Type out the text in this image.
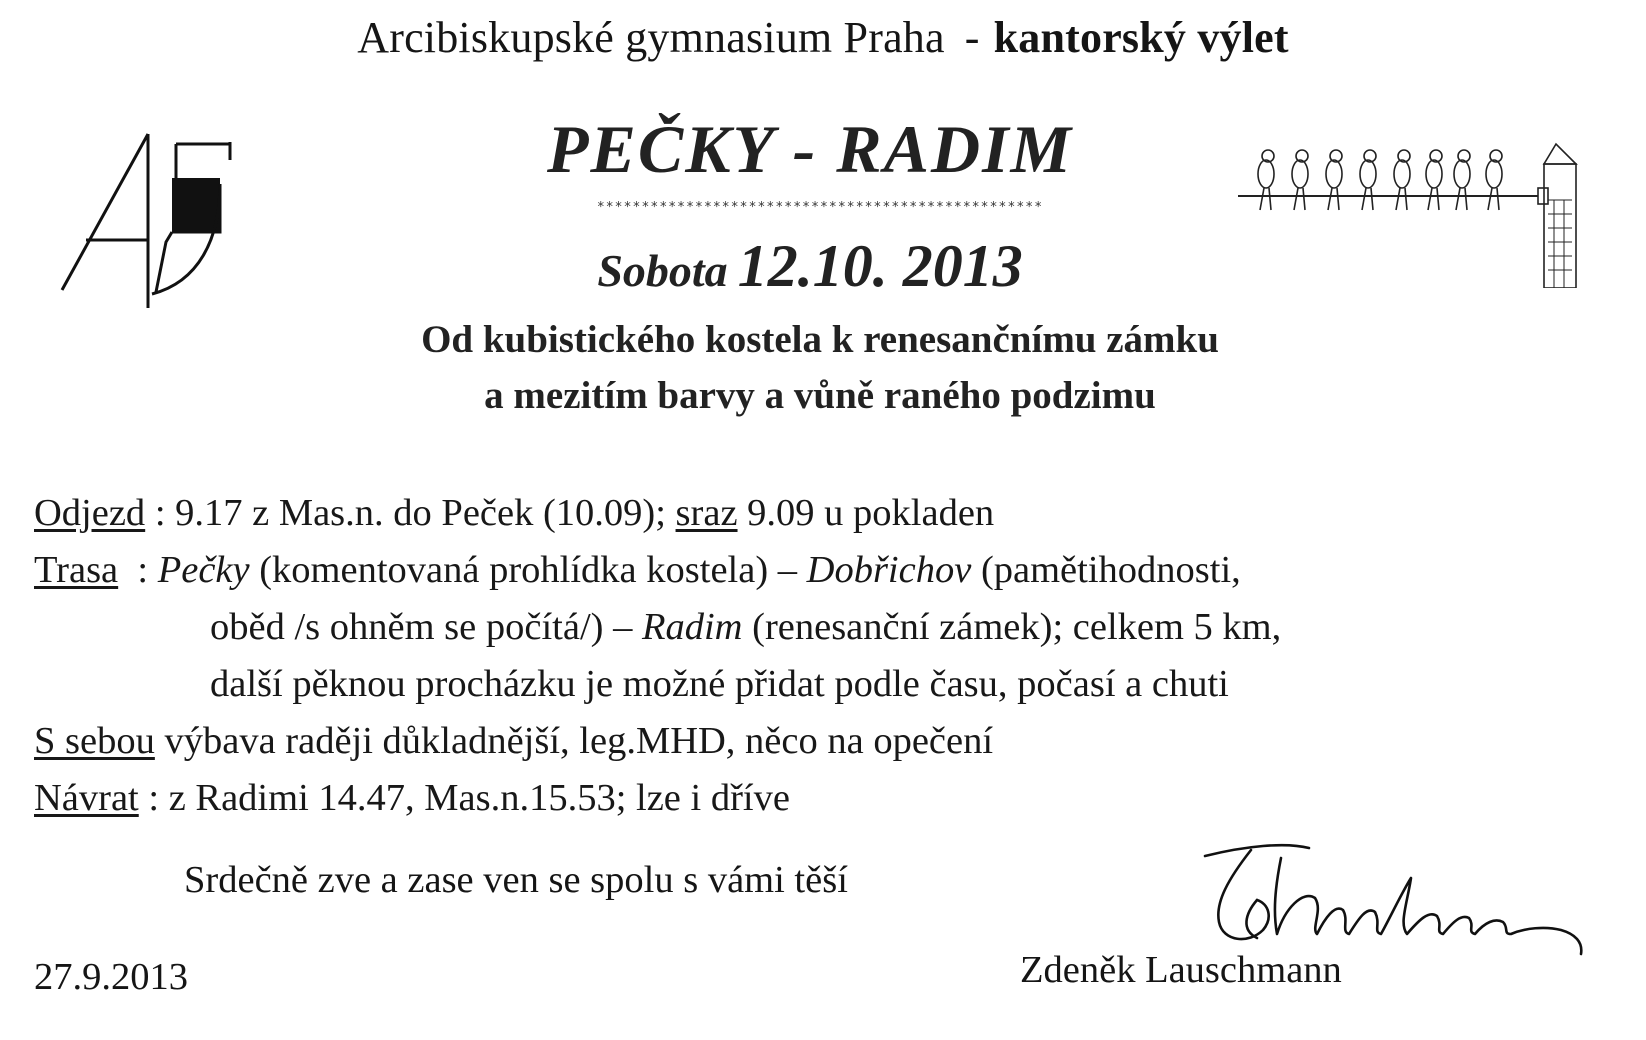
Arcibiskupské gymnasium Praha - kantorský výlet
PEČKY - RADIM
**************************************************
Sobota 12.10. 2013
Od kubistického kostela k renesančnímu zámku
a mezitím barvy a vůně raného podzimu
Odjezd : 9.17 z Mas.n. do Peček (10.09); sraz 9.09 u pokladen
Trasa  : Pečky (komentovaná prohlídka kostela) – Dobřichov (pamětihodnosti,
oběd /s ohněm se počítá/) – Radim (renesanční zámek); celkem 5 km,
další pěknou procházku je možné přidat podle času, počasí a chuti
S sebou výbava raději důkladnější, leg.MHD, něco na opečení
Návrat : z Radimi 14.47, Mas.n.15.53; lze i dříve
Srdečně zve a zase ven se spolu s vámi těší
27.9.2013	Zdeněk Lauschmann
